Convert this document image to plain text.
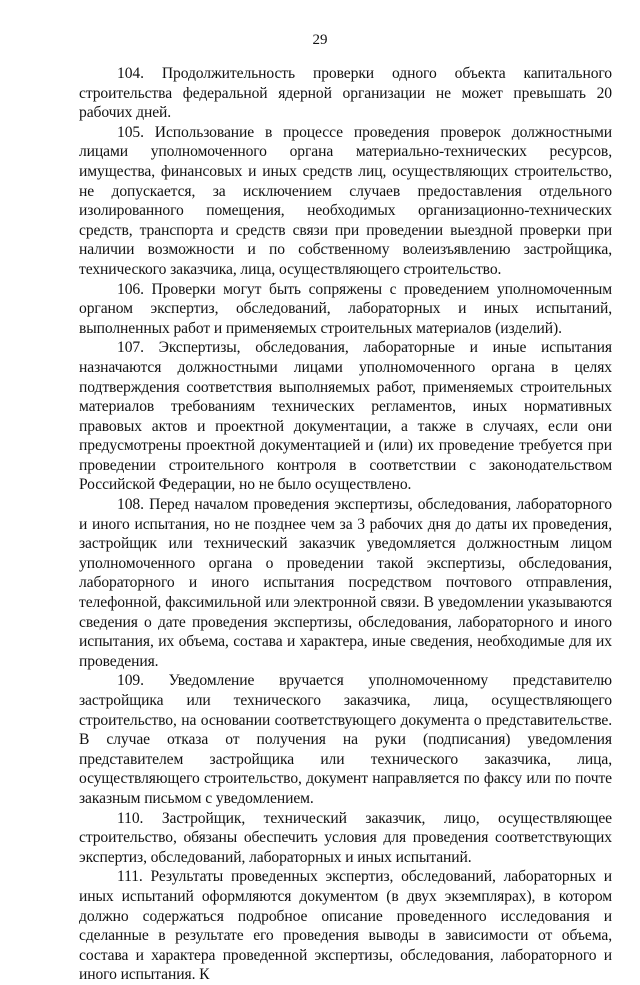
29

104. Продолжительность проверки одного объекта капитального строительства федеральной ядерной организации не может превышать 20 рабочих дней.

105. Использование в процессе проведения проверок должностными лицами уполномоченного органа материально-технических ресурсов, имущества, финансовых и иных средств лиц, осуществляющих строительство, не допускается, за исключением случаев предоставления отдельного изолированного помещения, необходимых организационно-технических средств, транспорта и средств связи при проведении выездной проверки при наличии возможности и по собственному волеизъявлению застройщика, технического заказчика, лица, осуществляющего строительство.

106. Проверки могут быть сопряжены с проведением уполномоченным органом экспертиз, обследований, лабораторных и иных испытаний, выполненных работ и применяемых строительных материалов (изделий).

107. Экспертизы, обследования, лабораторные и иные испытания назначаются должностными лицами уполномоченного органа в целях подтверждения соответствия выполняемых работ, применяемых строительных материалов требованиям технических регламентов, иных нормативных правовых актов и проектной документации, а также в случаях, если они предусмотрены проектной документацией и (или) их проведение требуется при проведении строительного контроля в соответствии с законодательством Российской Федерации, но не было осуществлено.

108. Перед началом проведения экспертизы, обследования, лабораторного и иного испытания, но не позднее чем за 3 рабочих дня до даты их проведения, застройщик или технический заказчик уведомляется должностным лицом уполномоченного органа о проведении такой экспертизы, обследования, лабораторного и иного испытания посредством почтового отправления, телефонной, факсимильной или электронной связи. В уведомлении указываются сведения о дате проведения экспертизы, обследования, лабораторного и иного испытания, их объема, состава и характера, иные сведения, необходимые для их проведения.

109. Уведомление вручается уполномоченному представителю застройщика или технического заказчика, лица, осуществляющего строительство, на основании соответствующего документа о представительстве. В случае отказа от получения на руки (подписания) уведомления представителем застройщика или технического заказчика, лица, осуществляющего строительство, документ направляется по факсу или по почте заказным письмом с уведомлением.

110. Застройщик, технический заказчик, лицо, осуществляющее строительство, обязаны обеспечить условия для проведения соответствующих экспертиз, обследований, лабораторных и иных испытаний.

111. Результаты проведенных экспертиз, обследований, лабораторных и иных испытаний оформляются документом (в двух экземплярах), в котором должно содержаться подробное описание проведенного исследования и сделанные в результате его проведения выводы в зависимости от объема, состава и характера проведенной экспертизы, обследования, лабораторного и иного испытания. К
